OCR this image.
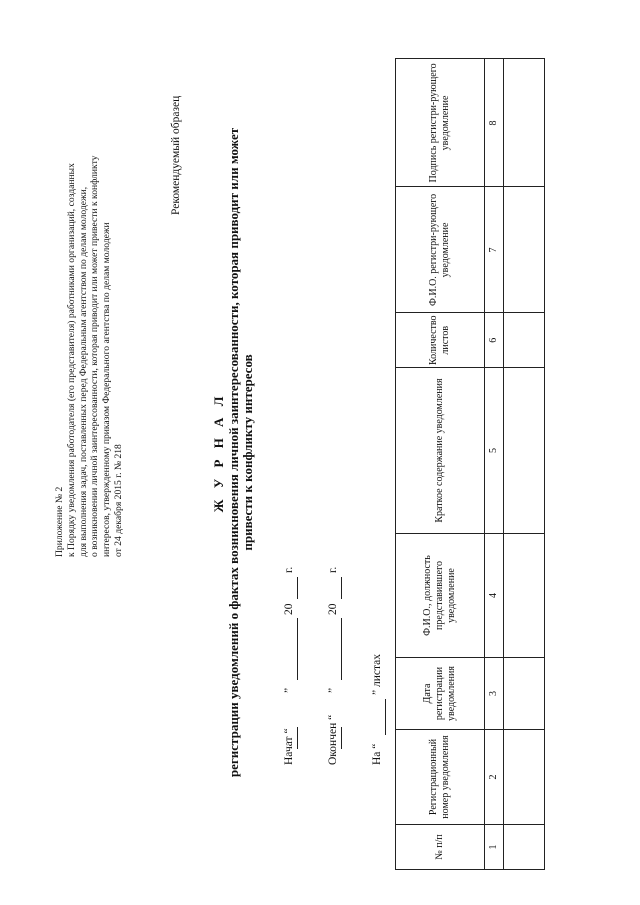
Приложение № 2 к Порядку уведомления работодателя (его представителя) работниками организаций, созданных для выполнения задач, поставленных перед Федеральным агентством по делам молодежи, о возникновении личной заинтересованности, которая приводит или может привести к конфликту интересов, утвержденному приказом Федерального агентства по делам молодежи от 24 декабря 2015 г. № 218
Рекомендуемый образец
Ж У Р Н А Л регистрации уведомлений о фактах возникновения личной заинтересованности, которая приводит или может привести к конфликту интересов
Начат “
”
20
г.
Окончен “
”
20
г.
На “
” листах
№ п/п	Регистрационный номер уведомления	Дата регистрации уведомления	Ф.И.О., должность представившего уведомление	Краткое содержание уведомления	Количество листов	Ф.И.О. регистри-рующего уведомление	Подпись регистри-рующего уведомление
1	2	3	4	5	6	7	8
